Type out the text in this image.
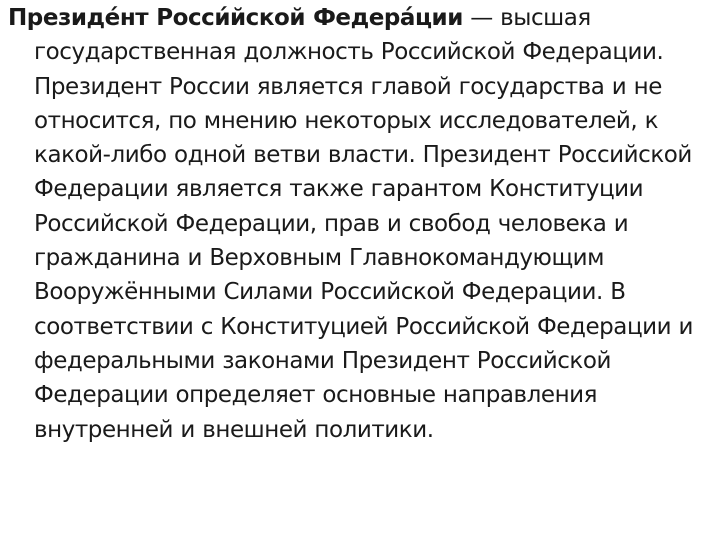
Президе́нт Росси́йской Федера́ции — высшая государственная должность Российской Федерации. Президент России является главой государства и не относится, по мнению некоторых исследователей, к какой-либо одной ветви власти. Президент Российской Федерации является также гарантом Конституции Российской Федерации, прав и свобод человека и гражданина и Верховным Главнокомандующим Вооружёнными Силами Российской Федерации. В соответствии с Конституцией Российской Федерации и федеральными законами Президент Российской Федерации определяет основные направления внутренней и внешней политики.
